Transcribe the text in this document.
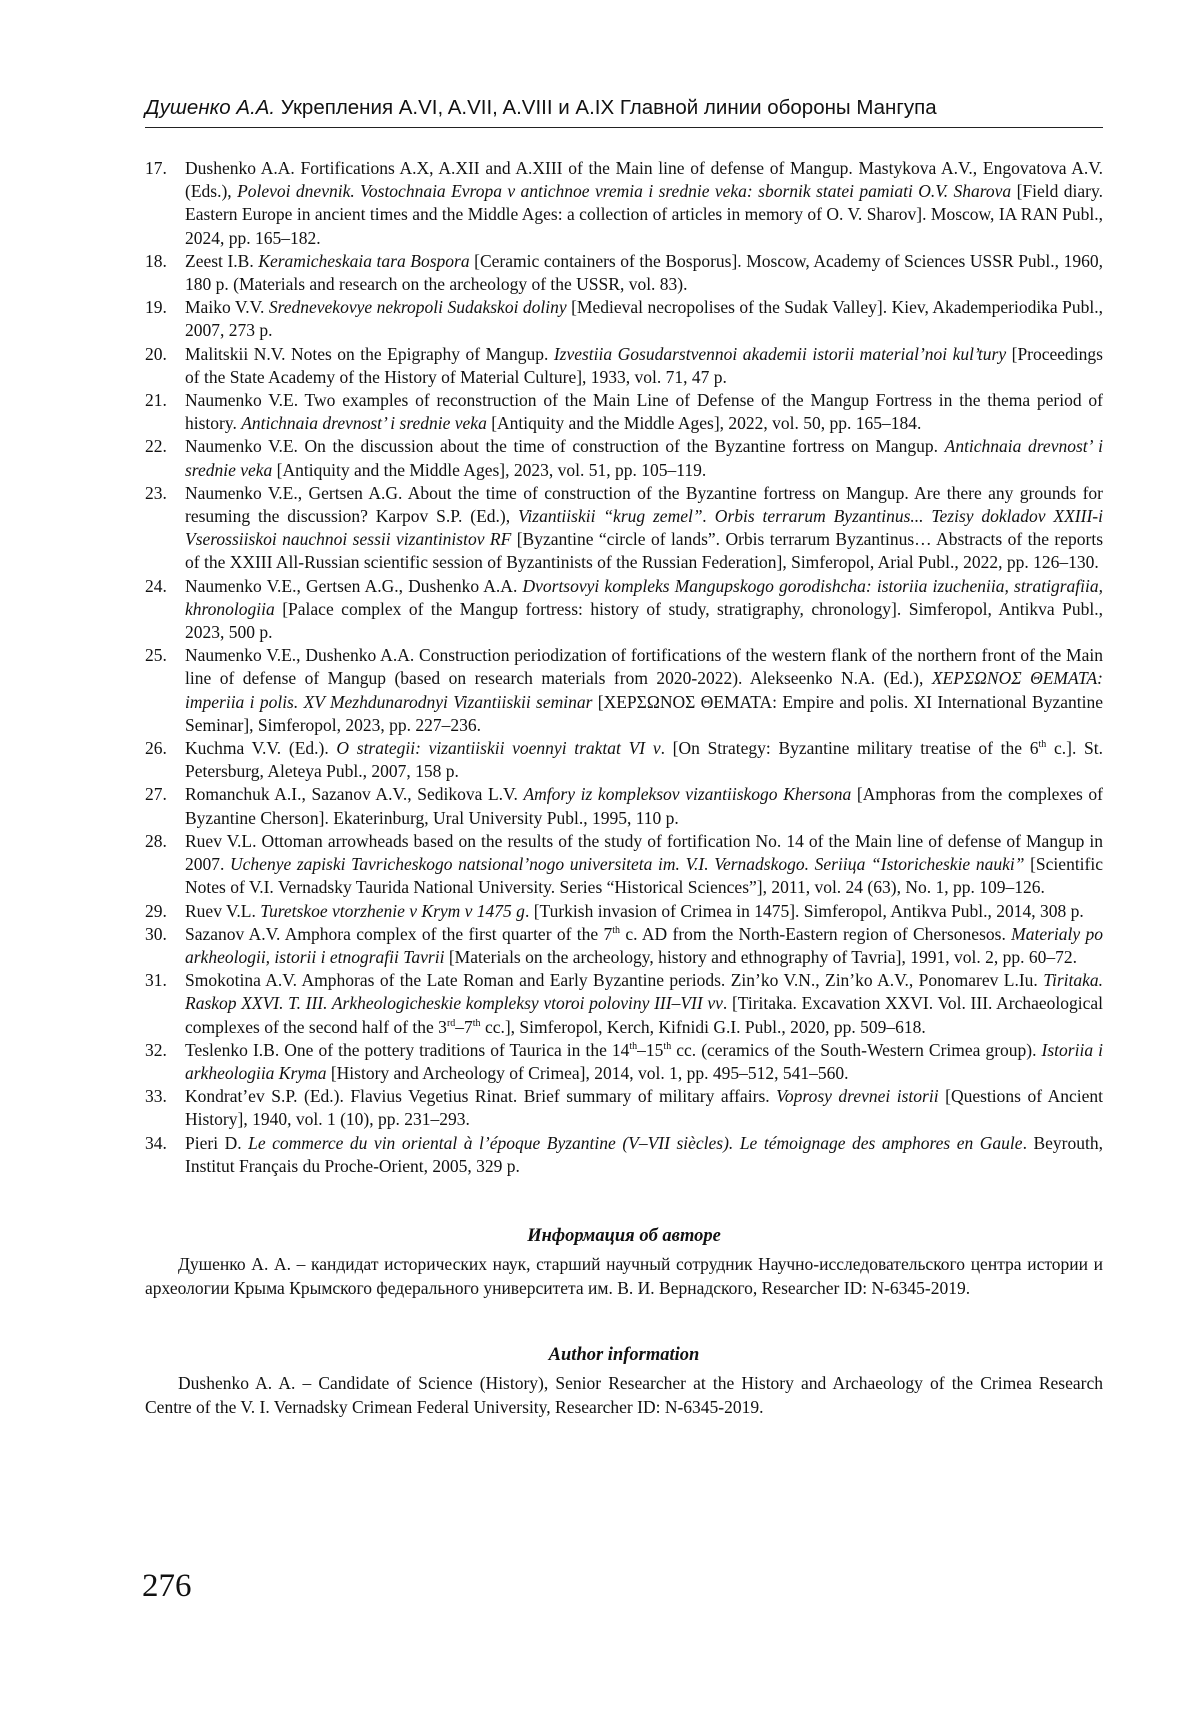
Душенко А.А. Укрепления A.VI, A.VII, A.VIII и A.IX Главной линии обороны Мангупа
17. Dushenko A.A. Fortifications A.X, A.XII and A.XIII of the Main line of defense of Mangup. Mastykova A.V., Engovatova A.V. (Eds.), Polevoi dnevnik. Vostochnaia Evropa v antichnoe vremia i srednie veka: sbornik statei pamiati O.V. Sharova [Field diary. Eastern Europe in ancient times and the Middle Ages: a collection of articles in memory of O. V. Sharov]. Moscow, IA RAN Publ., 2024, pp. 165–182.
18. Zeest I.B. Keramicheskaia tara Bospora [Ceramic containers of the Bosporus]. Moscow, Academy of Sciences USSR Publ., 1960, 180 p. (Materials and research on the archeology of the USSR, vol. 83).
19. Maiko V.V. Srednevekovye nekropoli Sudakskoi doliny [Medieval necropolises of the Sudak Valley]. Kiev, Akademperiodika Publ., 2007, 273 p.
20. Malitskii N.V. Notes on the Epigraphy of Mangup. Izvestiia Gosudarstvennoi akademii istorii material’noi kul’tury [Proceedings of the State Academy of the History of Material Culture], 1933, vol. 71, 47 p.
21. Naumenko V.E. Two examples of reconstruction of the Main Line of Defense of the Mangup Fortress in the thema period of history. Antichnaia drevnost’ i srednie veka [Antiquity and the Middle Ages], 2022, vol. 50, pp. 165–184.
22. Naumenko V.E. On the discussion about the time of construction of the Byzantine fortress on Mangup. Antichnaia drevnost’ i srednie veka [Antiquity and the Middle Ages], 2023, vol. 51, pp. 105–119.
23. Naumenko V.E., Gertsen A.G. About the time of construction of the Byzantine fortress on Mangup. Are there any grounds for resuming the discussion? Karpov S.P. (Ed.), Vizantiiskii “krug zemel”. Orbis terrarum Byzantinus... Tezisy dokladov XXIII-i Vserossiiskoi nauchnoi sessii vizantinistov RF [Byzantine “circle of lands”. Orbis terrarum Byzantinus… Abstracts of the reports of the XXIII All-Russian scientific session of Byzantinists of the Russian Federation], Simferopol, Arial Publ., 2022, pp. 126–130.
24. Naumenko V.E., Gertsen A.G., Dushenko A.A. Dvortsovyi kompleks Mangupskogo gorodishcha: istoriia izucheniia, stratigrafiia, khronologiia [Palace complex of the Mangup fortress: history of study, stratigraphy, chronology]. Simferopol, Antikva Publ., 2023, 500 p.
25. Naumenko V.E., Dushenko A.A. Construction periodization of fortifications of the western flank of the northern front of the Main line of defense of Mangup (based on research materials from 2020-2022). Alekseenko N.A. (Ed.), ΧΕΡΣΩΝΟΣ ΘΕΜΑΤΑ: imperiia i polis. XV Mezhdunarodnyi Vizantiiskii seminar [ΧΕΡΣΩΝΟΣ ΘΕΜΑΤΑ: Empire and polis. XI International Byzantine Seminar], Simferopol, 2023, pp. 227–236.
26. Kuchma V.V. (Ed.). O strategii: vizantiiskii voennyi traktat VI v. [On Strategy: Byzantine military treatise of the 6th c.]. St. Petersburg, Aleteya Publ., 2007, 158 p.
27. Romanchuk A.I., Sazanov A.V., Sedikova L.V. Amfory iz kompleksov vizantiiskogo Khersona [Amphoras from the complexes of Byzantine Cherson]. Ekaterinburg, Ural University Publ., 1995, 110 p.
28. Ruev V.L. Ottoman arrowheads based on the results of the study of fortification No. 14 of the Main line of defense of Mangup in 2007. Uchenye zapiski Tavricheskogo natsional’nogo universiteta im. V.I. Vernadskogo. Seriiца “Istoricheskie nauki” [Scientific Notes of V.I. Vernadsky Taurida National University. Series “Historical Sciences”], 2011, vol. 24 (63), No. 1, pp. 109–126.
29. Ruev V.L. Turetskoe vtorzhenie v Krym v 1475 g. [Turkish invasion of Crimea in 1475]. Simferopol, Antikva Publ., 2014, 308 p.
30. Sazanov A.V. Amphora complex of the first quarter of the 7th c. AD from the North-Eastern region of Chersonesos. Materialy po arkheologii, istorii i etnografii Tavrii [Materials on the archeology, history and ethnography of Tavria], 1991, vol. 2, pp. 60–72.
31. Smokotina A.V. Amphoras of the Late Roman and Early Byzantine periods. Zin’ko V.N., Zin’ko A.V., Ponomarev L.Iu. Tiritaka. Raskop XXVI. T. III. Arkheologicheskie kompleksy vtoroi poloviny III–VII vv. [Tiritaka. Excavation XXVI. Vol. III. Archaeological complexes of the second half of the 3rd–7th cc.], Simferopol, Kerch, Kifnidi G.I. Publ., 2020, pp. 509–618.
32. Teslenko I.B. One of the pottery traditions of Taurica in the 14th–15th cc. (ceramics of the South-Western Crimea group). Istoriia i arkheologiia Kryma [History and Archeology of Crimea], 2014, vol. 1, pp. 495–512, 541–560.
33. Kondrat’ev S.P. (Ed.). Flavius Vegetius Rinat. Brief summary of military affairs. Voprosy drevnei istorii [Questions of Ancient History], 1940, vol. 1 (10), pp. 231–293.
34. Pieri D. Le commerce du vin oriental à l’époque Byzantine (V–VII siècles). Le témoignage des amphores en Gaule. Beyrouth, Institut Français du Proche-Orient, 2005, 329 p.
Информация об авторе

Душенко А. А. – кандидат исторических наук, старший научный сотрудник Научно-исследовательского центра истории и археологии Крыма Крымского федерального университета им. В. И. Вернадского, Researcher ID: N-6345-2019.

Author information

Dushenko A. A. – Candidate of Science (History), Senior Researcher at the History and Archaeology of the Crimea Research Centre of the V. I. Vernadsky Crimean Federal University, Researcher ID: N-6345-2019.

276
